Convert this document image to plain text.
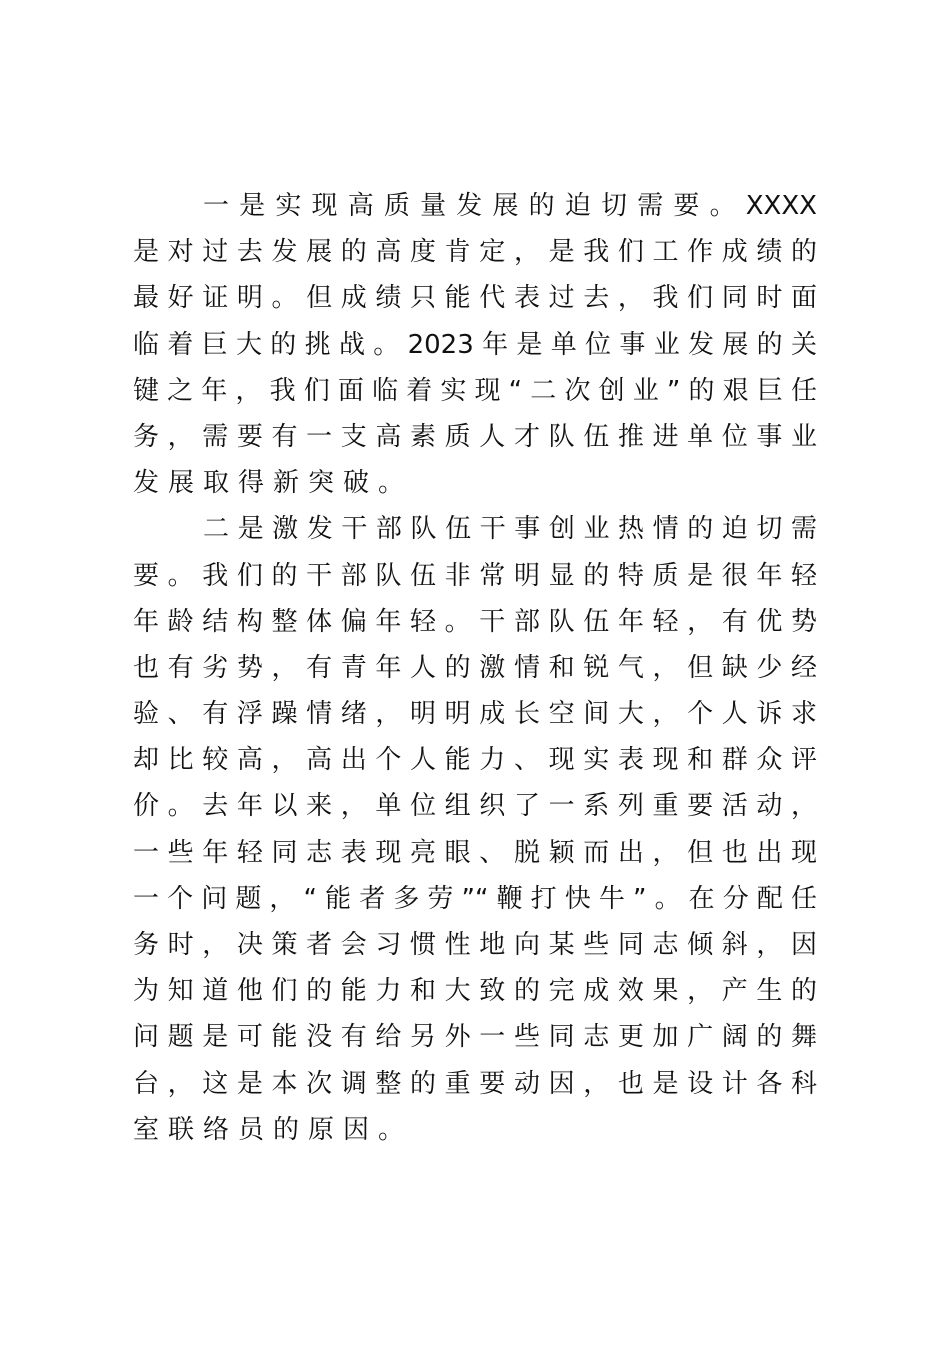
一是实现高质量发展的迫切需要。XXXX
是对过去发展的高度肯定，是我们工作成绩的
最好证明。但成绩只能代表过去，我们同时面
临着巨大的挑战。2023年是单位事业发展的关
键之年，我们面临着实现“二次创业”的艰巨任
务，需要有一支高素质人才队伍推进单位事业
发展取得新突破。
二是激发干部队伍干事创业热情的迫切需
要。我们的干部队伍非常明显的特质是很年轻
年龄结构整体偏年轻。干部队伍年轻，有优势
也有劣势，有青年人的激情和锐气，但缺少经
验、有浮躁情绪，明明成长空间大，个人诉求
却比较高，高出个人能力、现实表现和群众评
价。去年以来，单位组织了一系列重要活动，
一些年轻同志表现亮眼、脱颖而出，但也出现
一个问题，“能者多劳”“鞭打快牛”。在分配任
务时，决策者会习惯性地向某些同志倾斜，因
为知道他们的能力和大致的完成效果，产生的
问题是可能没有给另外一些同志更加广阔的舞
台，这是本次调整的重要动因，也是设计各科
室联络员的原因。
